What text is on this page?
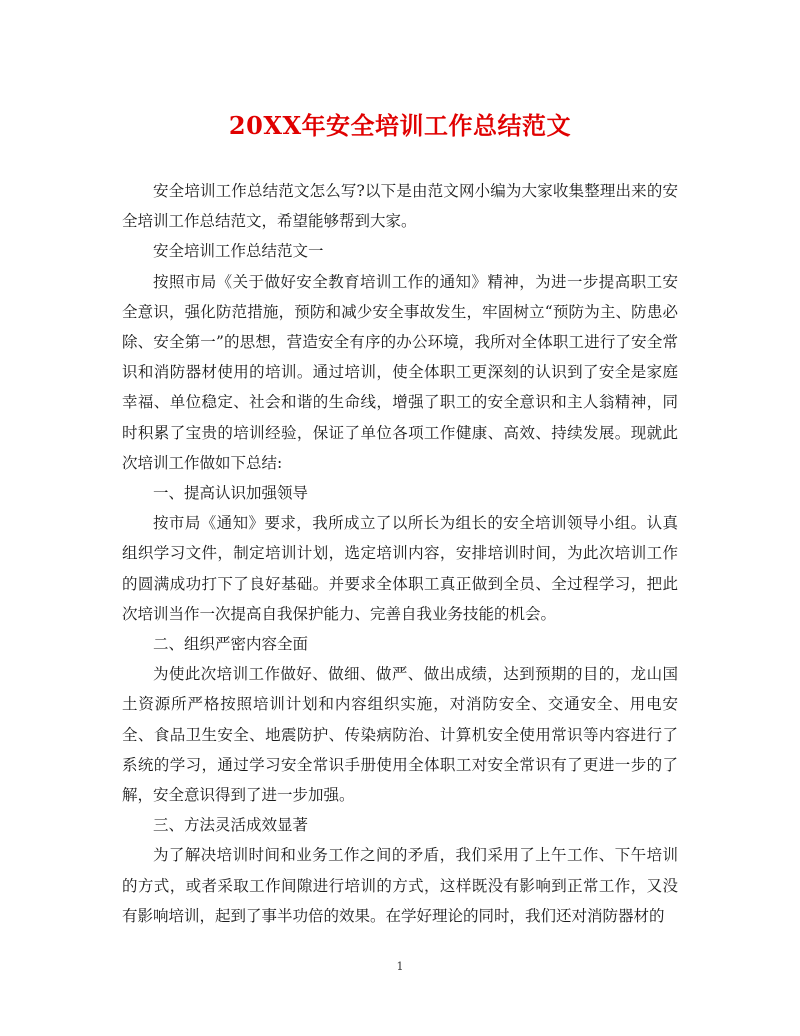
20XX年安全培训工作总结范文

安全培训工作总结范文怎么写?以下是由范文网小编为大家收集整理出来的安全培训工作总结范文，希望能够帮到大家。

安全培训工作总结范文一

按照市局《关于做好安全教育培训工作的通知》精神，为进一步提高职工安全意识，强化防范措施，预防和减少安全事故发生，牢固树立“预防为主、防患必除、安全第一”的思想，营造安全有序的办公环境，我所对全体职工进行了安全常识和消防器材使用的培训。通过培训，使全体职工更深刻的认识到了安全是家庭幸福、单位稳定、社会和谐的生命线，增强了职工的安全意识和主人翁精神，同时积累了宝贵的培训经验，保证了单位各项工作健康、高效、持续发展。现就此次培训工作做如下总结:

一、提高认识加强领导

按市局《通知》要求，我所成立了以所长为组长的安全培训领导小组。认真组织学习文件，制定培训计划，选定培训内容，安排培训时间，为此次培训工作的圆满成功打下了良好基础。并要求全体职工真正做到全员、全过程学习，把此次培训当作一次提高自我保护能力、完善自我业务技能的机会。

二、组织严密内容全面

为使此次培训工作做好、做细、做严、做出成绩，达到预期的目的，龙山国土资源所严格按照培训计划和内容组织实施，对消防安全、交通安全、用电安全、食品卫生安全、地震防护、传染病防治、计算机安全使用常识等内容进行了系统的学习，通过学习安全常识手册使用全体职工对安全常识有了更进一步的了解，安全意识得到了进一步加强。

三、方法灵活成效显著

为了解决培训时间和业务工作之间的矛盾，我们采用了上午工作、下午培训的方式，或者采取工作间隙进行培训的方式，这样既没有影响到正常工作，又没有影响培训，起到了事半功倍的效果。在学好理论的同时，我们还对消防器材的

1
